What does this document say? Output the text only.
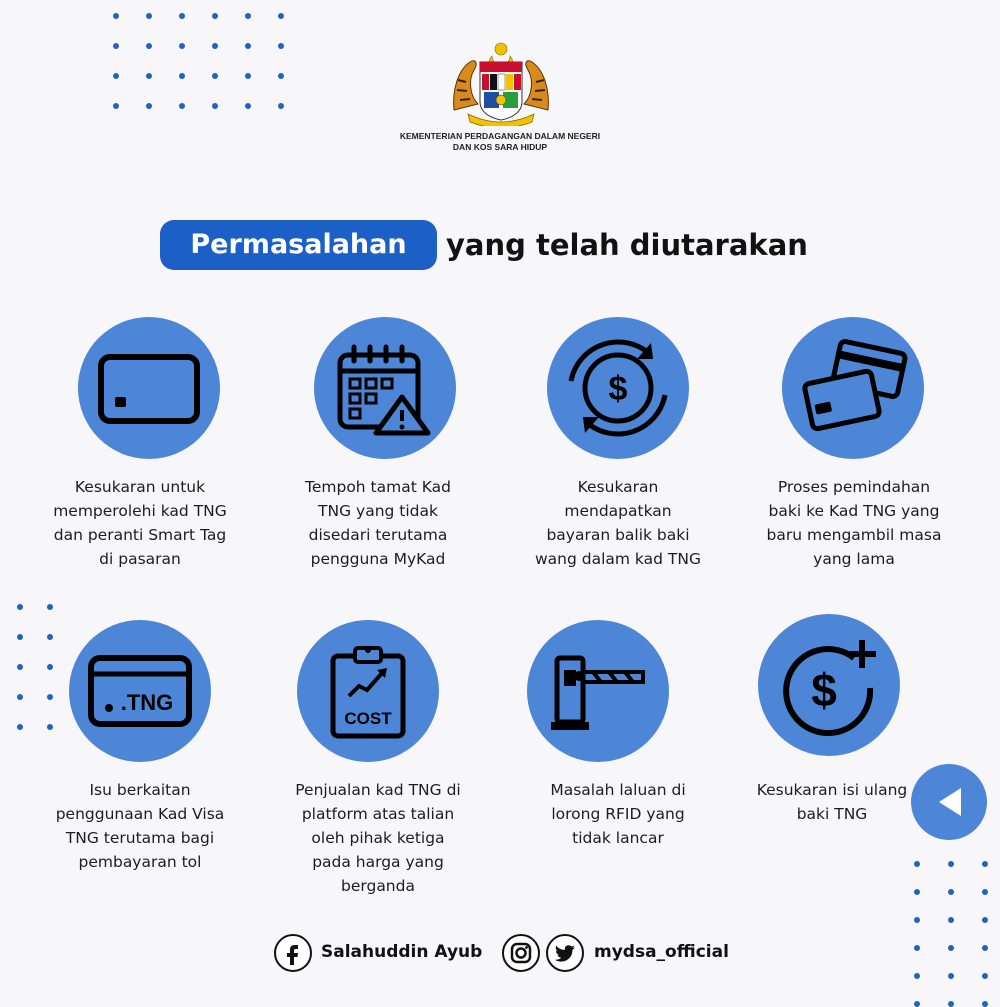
KEMENTERIAN PERDAGANGAN DALAM NEGERI
DAN KOS SARA HIDUP
Permasalahan	yang telah diutarakan
Kesukaran untuk
memperolehi kad TNG
dan peranti Smart Tag
di pasaran
Tempoh tamat Kad
TNG yang tidak
disedari terutama
pengguna MyKad
$
Kesukaran
mendapatkan
bayaran balik baki
wang dalam kad TNG
Proses pemindahan
baki ke Kad TNG yang
baru mengambil masa
yang lama
.TNG
Isu berkaitan
penggunaan Kad Visa
TNG terutama bagi
pembayaran tol
COST
Penjualan kad TNG di
platform atas talian
oleh pihak ketiga
pada harga yang
berganda
Masalah laluan di
lorong RFID yang
tidak lancar
$
Kesukaran isi ulang
baki TNG
Salahuddin Ayub	mydsa_official
